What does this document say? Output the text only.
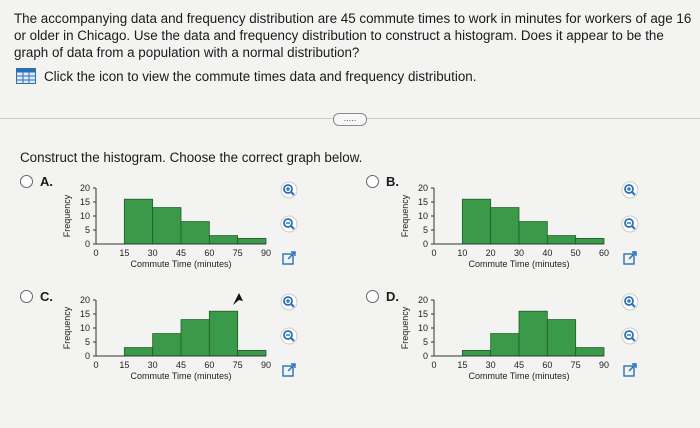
The accompanying data and frequency distribution are 45 commute times to work in minutes for workers of age 16 or older in Chicago. Use the data and frequency distribution to construct a histogram. Does it appear to be the graph of data from a population with a normal distribution?
Click the icon to view the commute times data and frequency distribution.
.....
Construct the histogram. Choose the correct graph below.
A.	B.
C.	D.
Frequency
20
15
10
5
0
0 15 30 45 60 75 90
Commute Time (minutes)
Frequency
20
15
10
5
0
0 10 20 30 40 50 60
Commute Time (minutes)
Frequency
20
15
10
5
0
0 15 30 45 60 75 90
Commute Time (minutes)
Frequency
20
15
10
5
0
0 15 30 45 60 75 90
Commute Time (minutes)
